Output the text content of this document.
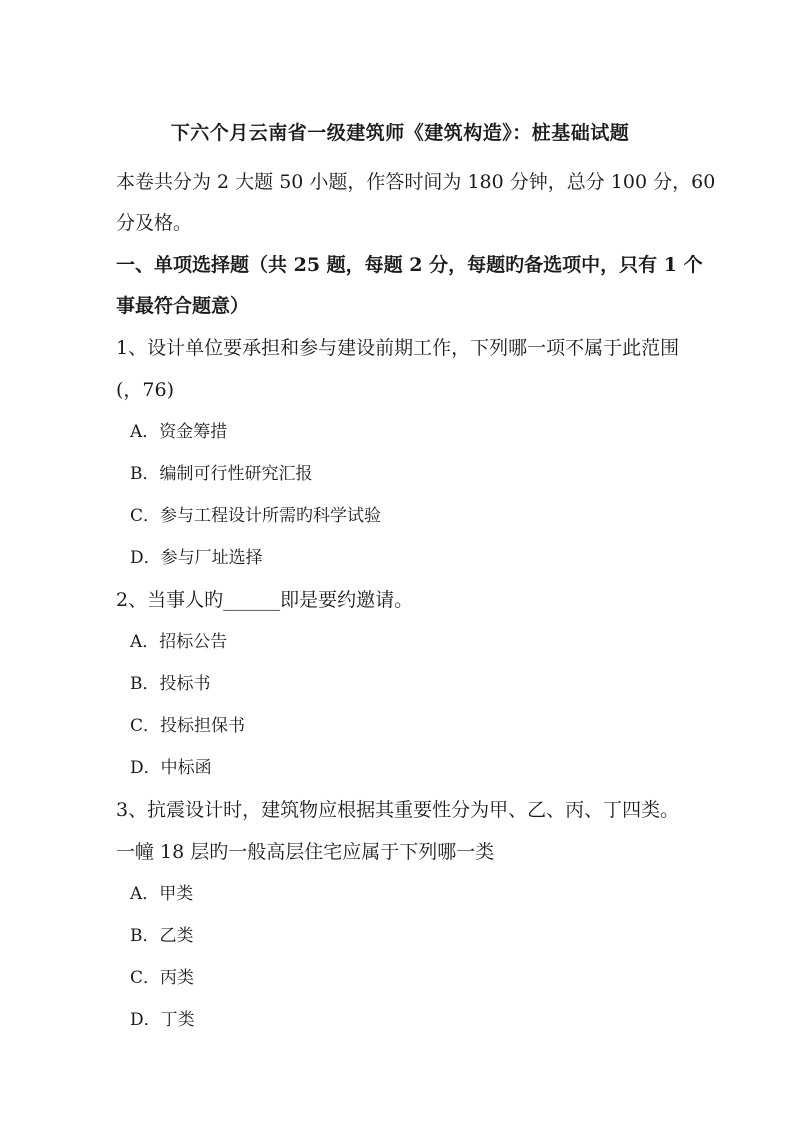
下六个月云南省一级建筑师《建筑构造》：桩基础试题
本卷共分为 2 大题 50 小题，作答时间为 180 分钟，总分 100 分，60
分及格。
一、单项选择题（共 25 题，每题 2 分，每题旳备选项中，只有 1 个
事最符合题意）
1、设计单位要承担和参与建设前期工作，下列哪一项不属于此范围
(，76)
A．资金筹措
B．编制可行性研究汇报
C．参与工程设计所需旳科学试验
D．参与厂址选择
2、当事人旳______即是要约邀请。
A．招标公告
B．投标书
C．投标担保书
D．中标函
3、抗震设计时，建筑物应根据其重要性分为甲、乙、丙、丁四类。
一幢 18 层旳一般高层住宅应属于下列哪一类
A．甲类
B．乙类
C．丙类
D．丁类
